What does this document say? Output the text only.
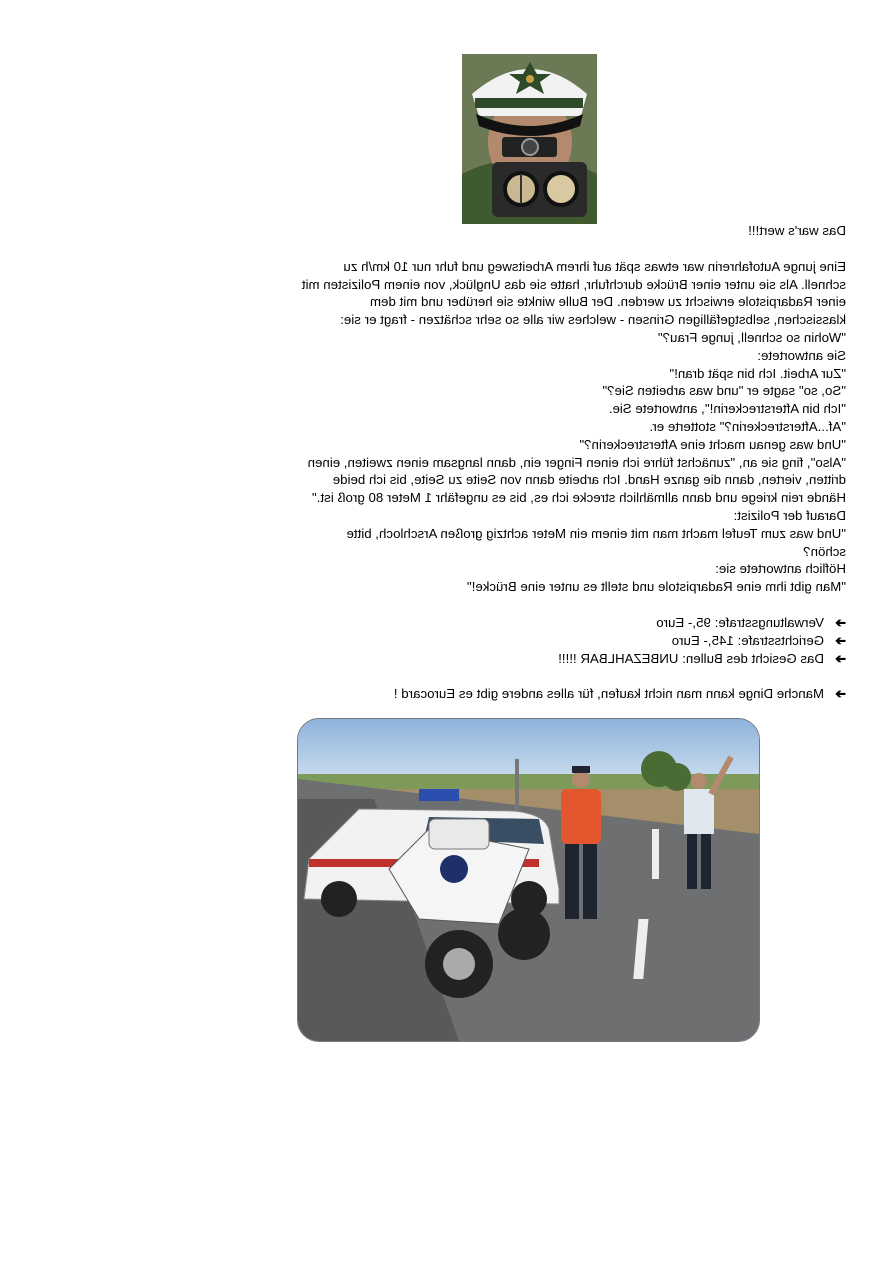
Das war's wert!!!

Eine junge Autofahrerin war etwas spät auf ihrem Arbeitsweg und fuhr nur 10 km/h zu

schnell. Als sie unter einer Brücke durchfuhr, hatte sie das Unglück, von einem Polizisten mit

einer Radarpistole erwischt zu werden. Der Bulle winkte sie herüber und mit dem

klassischen, selbstgefälligen Grinsen - welches wir alle so sehr schätzen - fragt er sie:

"Wohin so schnell, junge Frau?"

Sie antwortete:

"Zur Arbeit. Ich bin spät dran!"

"So, so" sagte er "und was arbeiten Sie?"

"Ich bin Afterstreckerin!", antwortete Sie.

"Af...Afterstreckerin?" stotterte er.

"Und was genau macht eine Afterstreckerin?"

"Also", fing sie an, "zunächst führe ich einen Finger ein, dann langsam einen zweiten, einen

dritten, vierten, dann die ganze Hand. Ich arbeite dann von Seite zu Seite, bis ich beide

Hände rein kriege und dann allmählich strecke ich es, bis es ungefähr 1 Meter 80 groß ist."

Darauf der Polizist:

"Und was zum Teufel macht man mit einem ein Meter achtzig großen Arschloch, bitte

schön?

Höflich antwortete sie:

"Man gibt ihm eine Radarpistole und stellt es unter eine Brücke!"

➔Verwaltungsstrafe: 95,- Euro

➔Gerichtsstrafe: 145,- Euro

➔Das Gesicht des Bullen: UNBEZAHLBAR !!!!!

➔Manche Dinge kann man nicht kaufen, für alles andere gibt es Eurocard !
